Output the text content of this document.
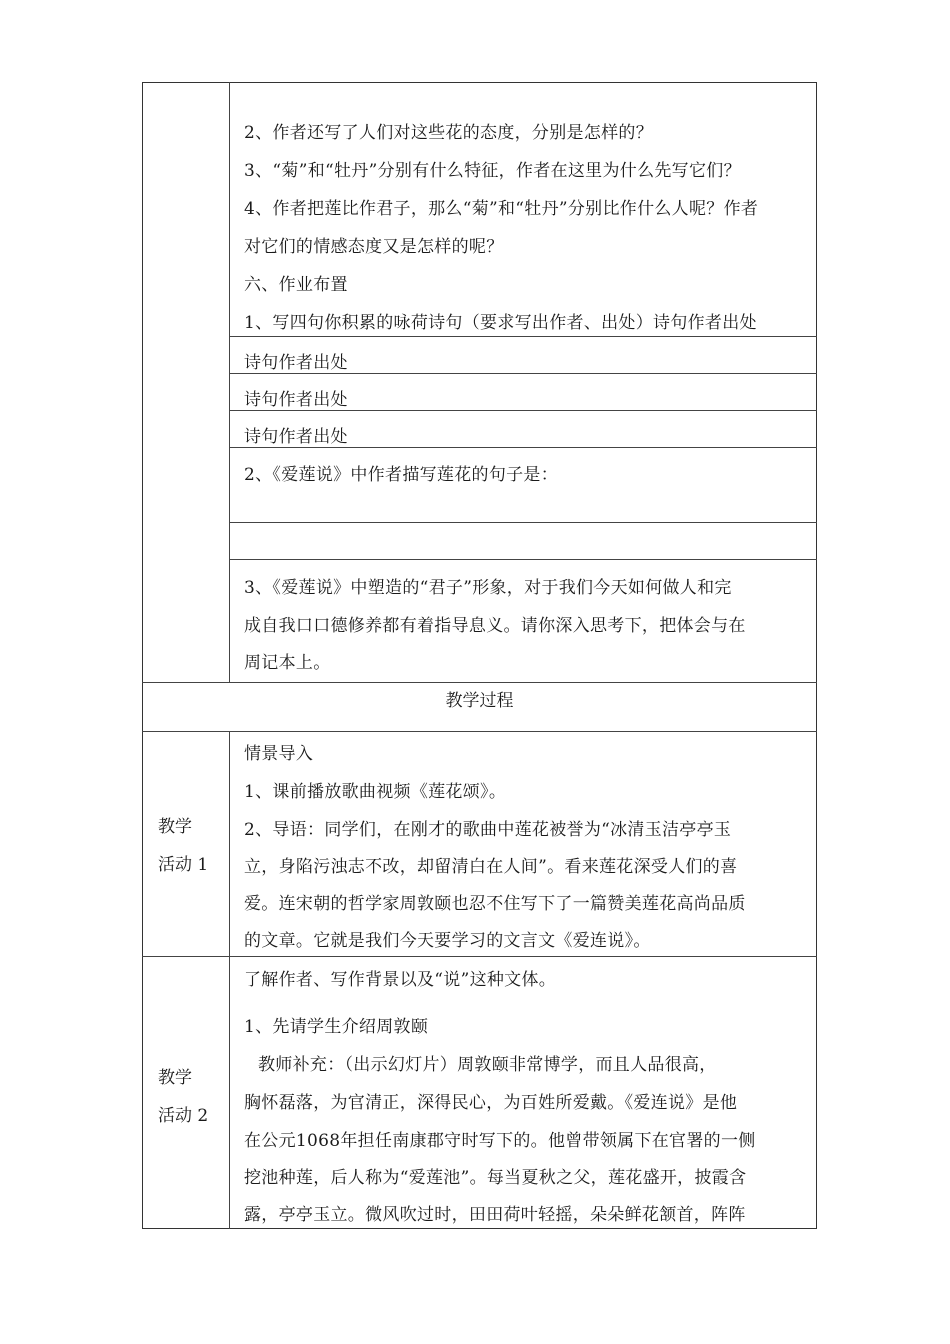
2、作者还写了人们对这些花的态度，分别是怎样的？
3、“菊”和“牡丹”分别有什么特征，作者在这里为什么先写它们？
4、作者把莲比作君子，那么“菊”和“牡丹”分别比作什么人呢？作者
对它们的情感态度又是怎样的呢？
六、作业布置
1、写四句你积累的咏荷诗句（要求写出作者、出处）诗句作者出处
诗句作者出处
诗句作者出处
诗句作者出处
2、《爱莲说》中作者描写莲花的句子是：
3、《爱莲说》中塑造的“君子”形象，对于我们今天如何做人和完
成自我口口德修养都有着指导息义。请你深入思考下，把体会与在
周记本上。
教学过程
教学
活动 1
情景导入
1、课前播放歌曲视频《莲花颂》。
2、导语：同学们，在刚才的歌曲中莲花被誉为“冰清玉洁亭亭玉
立，身陷污浊志不改，却留清白在人间”。看来莲花深受人们的喜
爱。连宋朝的哲学家周敦颐也忍不住写下了一篇赞美莲花高尚品质
的文章。它就是我们今天要学习的文言文《爱连说》。
教学
活动 2
了解作者、写作背景以及“说”这种文体。
1、先请学生介绍周敦颐
教师补充：（出示幻灯片）周敦颐非常博学，而且人品很高，
胸怀磊落，为官清正，深得民心，为百姓所爱戴。《爱连说》是他
在公元1068年担任南康郡守时写下的。他曾带领属下在官署的一侧
挖池种莲，后人称为“爱莲池”。每当夏秋之父，莲花盛开，披霞含
露，亭亭玉立。微风吹过时，田田荷叶轻摇，朵朵鲜花颔首，阵阵
